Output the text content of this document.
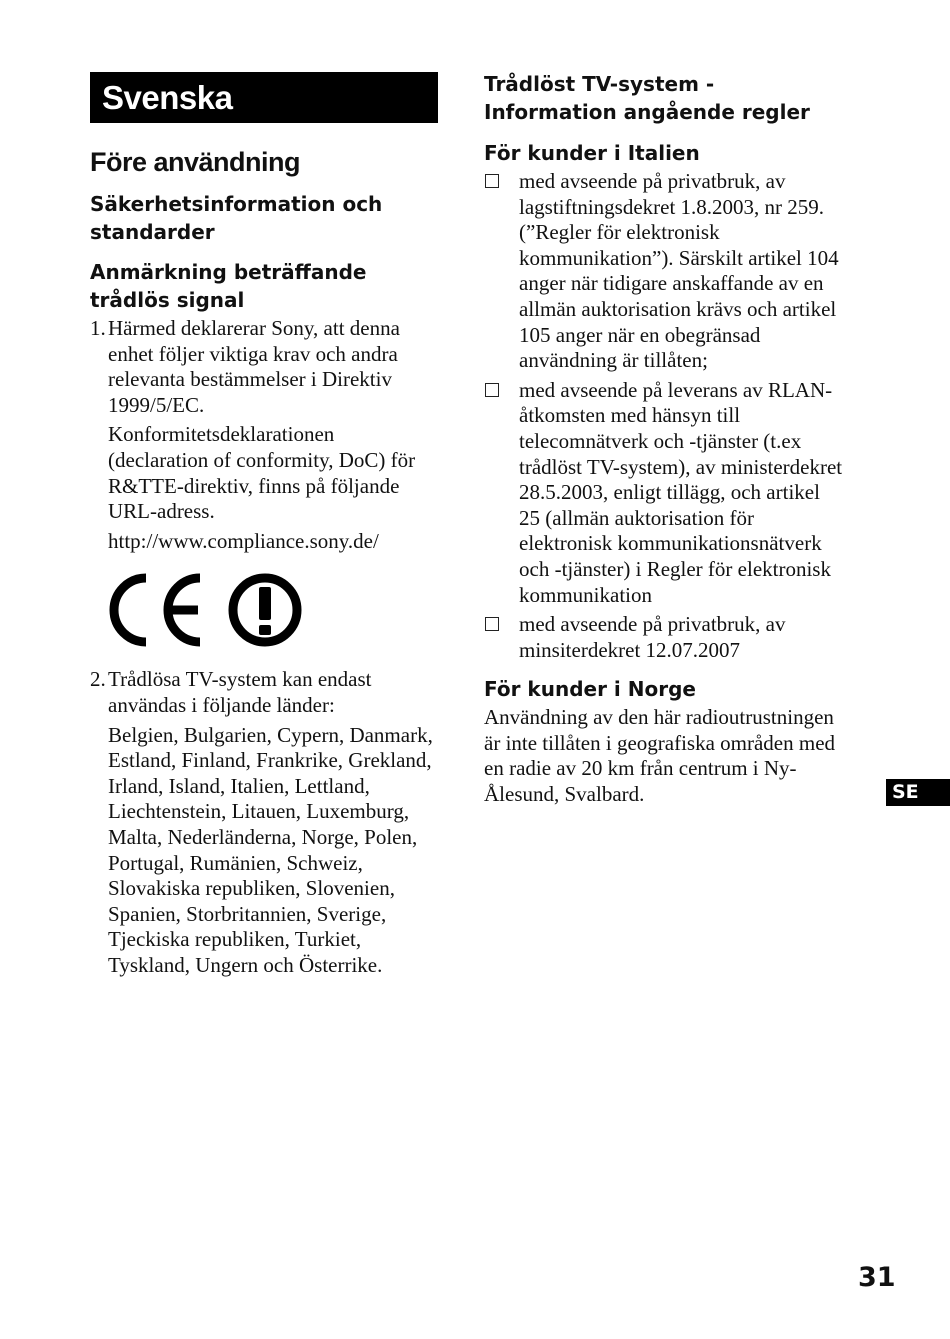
Svenska
Före användning
Säkerhetsinformation och standarder
Anmärkning beträffande trådlös signal
1. Härmed deklarerar Sony, att denna enhet följer viktiga krav och andra relevanta bestämmelser i Direktiv 1999/5/EC.
Konformitetsdeklarationen (declaration of conformity, DoC) för R&TTE-direktiv, finns på följande URL-adress.
http://www.compliance.sony.de/
2. Trådlösa TV-system kan endast användas i följande länder:
Belgien, Bulgarien, Cypern, Danmark, Estland, Finland, Frankrike, Grekland, Irland, Island, Italien, Lettland, Liechtenstein, Litauen, Luxemburg, Malta, Nederländerna, Norge, Polen, Portugal, Rumänien, Schweiz, Slovakiska republiken, Slovenien, Spanien, Storbritannien, Sverige, Tjeckiska republiken, Turkiet, Tyskland, Ungern och Österrike.
Trådlöst TV-system - Information angående regler
För kunder i Italien
med avseende på privatbruk, av lagstiftningsdekret 1.8.2003, nr 259. (”Regler för elektronisk kommunikation”). Särskilt artikel 104 anger när tidigare anskaffande av en allmän auktorisation krävs och artikel 105 anger när en obegränsad användning är tillåten;
med avseende på leverans av RLAN-åtkomsten med hänsyn till telecomnätverk och -tjänster (t.ex trådlöst TV-system), av ministerdekret 28.5.2003, enligt tillägg, och artikel 25 (allmän auktorisation för elektronisk kommunikationsnätverk och -tjänster) i Regler för elektronisk kommunikation
med avseende på privatbruk, av minsiterdekret 12.07.2007
För kunder i Norge
Användning av den här radioutrustningen är inte tillåten i geografiska områden med en radie av 20 km från centrum i Ny-Ålesund, Svalbard.	SE
31
